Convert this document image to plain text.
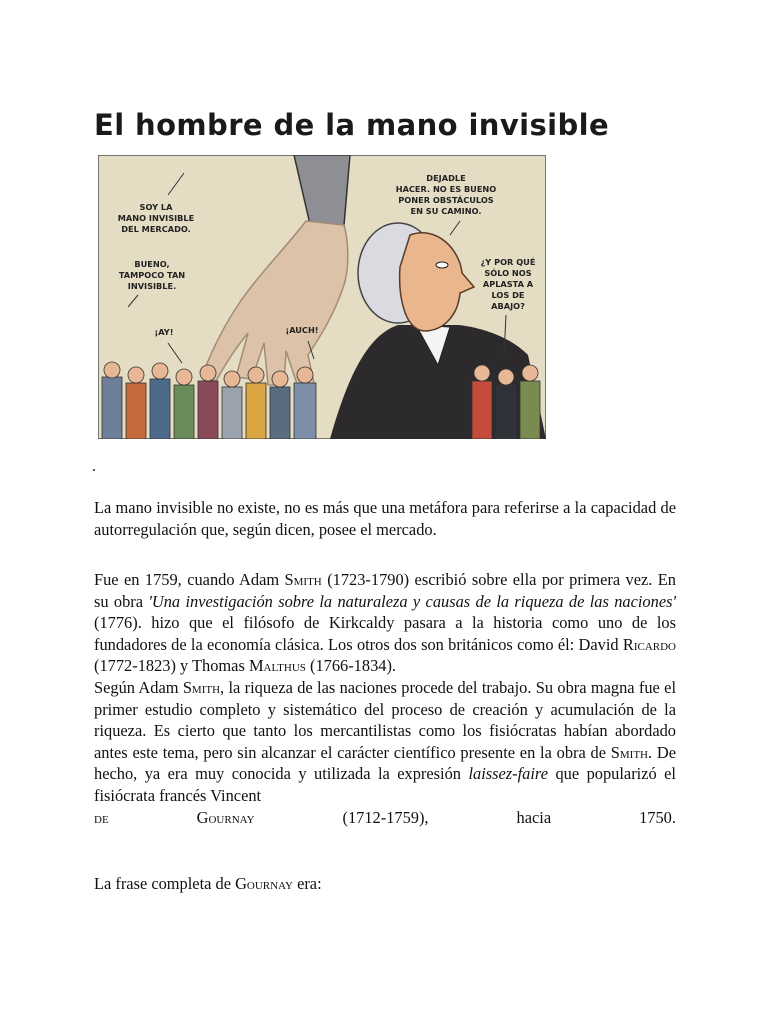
El hombre de la mano invisible
SOY LA
MANO INVISIBLE
DEL MERCADO.
BUENO,
TAMPOCO TAN
INVISIBLE.
¡AY!	¡AUCH!
DEJADLE
HACER. NO ES BUENO
PONER OBSTÁCULOS
EN SU CAMINO.
¿Y POR QUÉ
SÓLO NOS
APLASTA A
LOS DE
ABAJO?
.

La mano invisible no existe, no es más que una metáfora para referirse a la capacidad de autorregulación que, según dicen, posee el mercado.

Fue en 1759, cuando Adam Smith (1723-1790) escribió sobre ella por primera vez. En su obra 'Una investigación sobre la naturaleza y causas de la riqueza de las naciones' (1776). hizo que el filósofo de Kirkcaldy pasara a la historia como uno de los fundadores de la economía clásica. Los otros dos son británicos como él: David Ricardo (1772-1823) y Thomas Malthus (1766-1834).

Según Adam Smith, la riqueza de las naciones procede del trabajo. Su obra magna fue el primer estudio completo y sistemático del proceso de creación y acumulación de la riqueza. Es cierto que tanto los mercantilistas como los fisiócratas habían abordado antes este tema, pero sin alcanzar el carácter científico presente en la obra de Smith. De hecho, ya era muy conocida y utilizada la expresión laissez-faire que popularizó el fisiócrata francés Vincent

de	Gournay	(1712-1759),	hacia	1750.

La frase completa de Gournay era:
